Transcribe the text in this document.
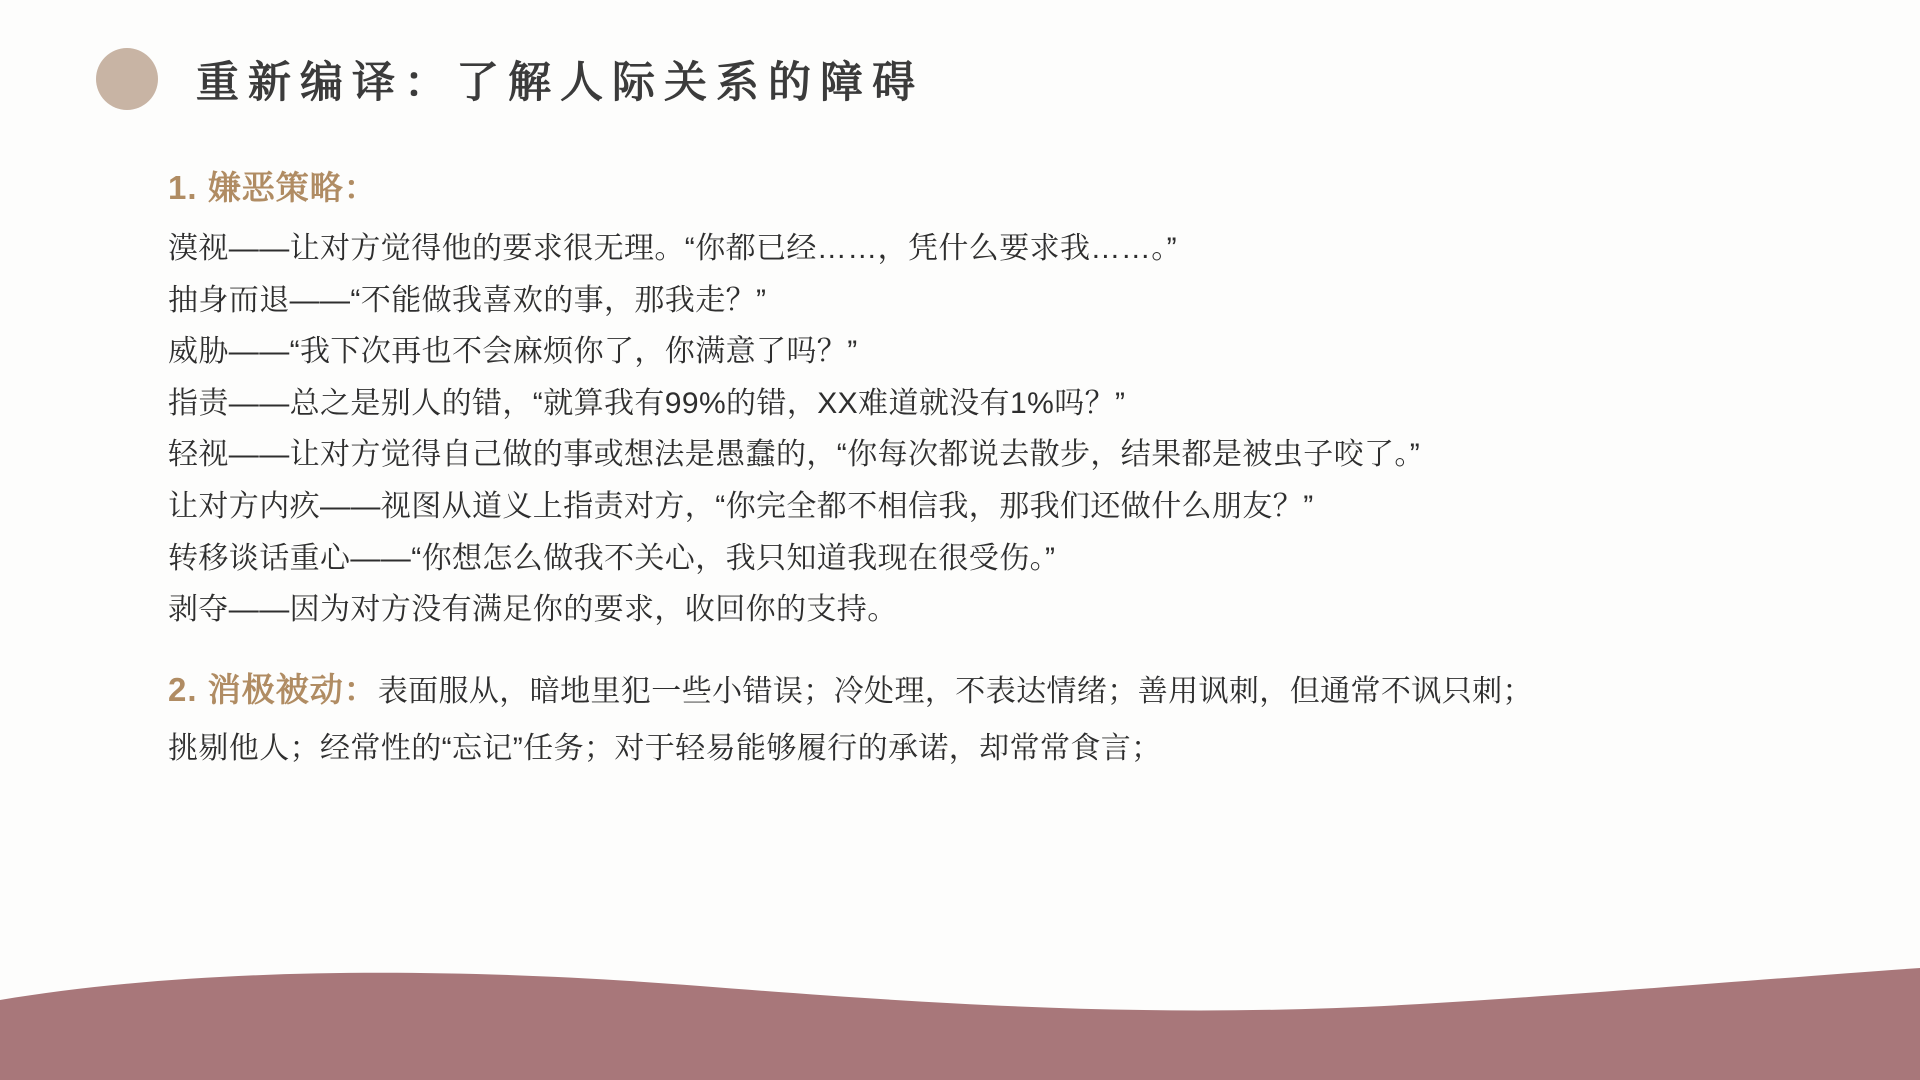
重新编译：了解人际关系的障碍
1. 嫌恶策略：

漠视——让对方觉得他的要求很无理。“你都已经……，凭什么要求我……。”

抽身而退——“不能做我喜欢的事，那我走？”

威胁——“我下次再也不会麻烦你了，你满意了吗？”

指责——总之是别人的错，“就算我有99%的错，XX难道就没有1%吗？”

轻视——让对方觉得自己做的事或想法是愚蠢的，“你每次都说去散步，结果都是被虫子咬了。”

让对方内疚——视图从道义上指责对方，“你完全都不相信我，那我们还做什么朋友？”

转移谈话重心——“你想怎么做我不关心，我只知道我现在很受伤。”

剥夺——因为对方没有满足你的要求，收回你的支持。

2. 消极被动：表面服从，暗地里犯一些小错误；冷处理，不表达情绪；善用讽刺，但通常不讽只刺；
挑剔他人；经常性的“忘记”任务；对于轻易能够履行的承诺，却常常食言；
